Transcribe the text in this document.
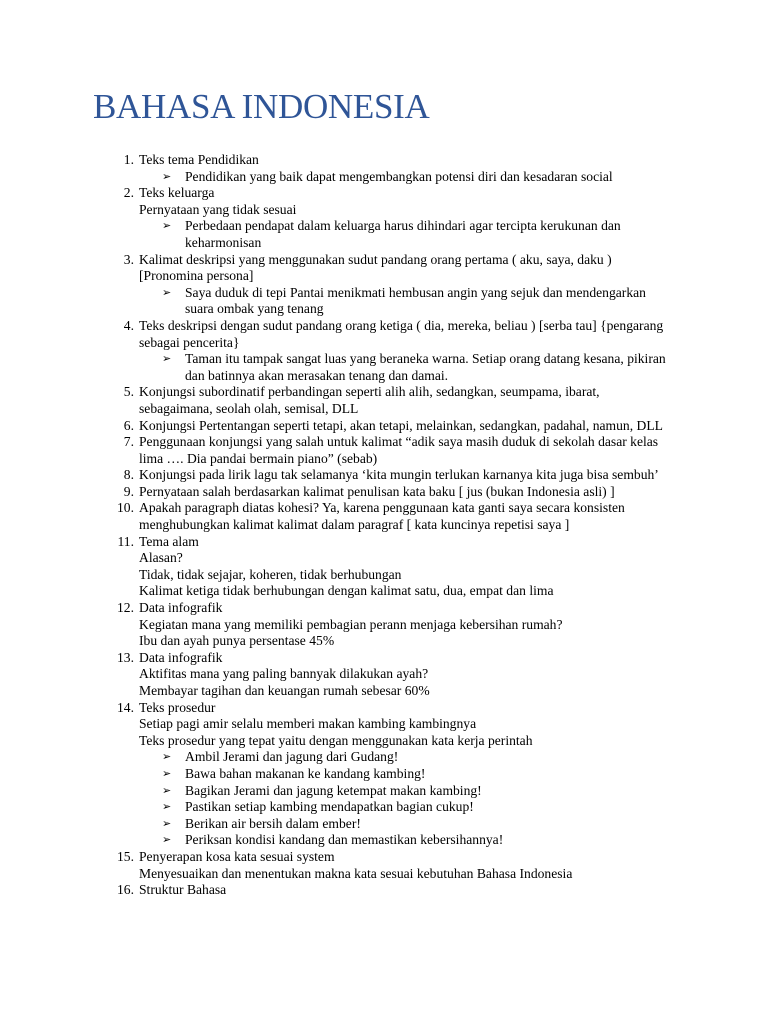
BAHASA INDONESIA
1. Teks tema Pendidikan
➢ Pendidikan yang baik dapat mengembangkan potensi diri dan kesadaran social
2. Teks keluarga
Pernyataan yang tidak sesuai
➢ Perbedaan pendapat dalam keluarga harus dihindari agar tercipta kerukunan dan keharmonisan
3. Kalimat deskripsi yang menggunakan sudut pandang orang pertama ( aku, saya, daku ) [Pronomina persona]
➢ Saya duduk di tepi Pantai menikmati hembusan angin yang sejuk dan mendengarkan suara ombak yang tenang
4. Teks deskripsi dengan sudut pandang orang ketiga ( dia, mereka, beliau ) [serba tau] {pengarang sebagai pencerita}
➢ Taman itu tampak sangat luas yang beraneka warna. Setiap orang datang kesana, pikiran dan batinnya akan merasakan tenang dan damai.
5. Konjungsi subordinatif perbandingan seperti alih alih, sedangkan, seumpama, ibarat, sebagaimana, seolah olah, semisal, DLL
6. Konjungsi Pertentangan seperti tetapi, akan tetapi, melainkan, sedangkan, padahal, namun, DLL
7. Penggunaan konjungsi yang salah untuk kalimat “adik saya masih duduk di sekolah dasar kelas lima …. Dia pandai bermain piano” (sebab)
8. Konjungsi pada lirik lagu tak selamanya ‘kita mungin terlukan karnanya kita juga bisa sembuh’
9. Pernyataan salah berdasarkan kalimat penulisan kata baku [ jus (bukan Indonesia asli) ]
10. Apakah paragraph diatas kohesi? Ya, karena penggunaan kata ganti saya secara konsisten menghubungkan kalimat kalimat dalam paragraf [ kata kuncinya repetisi saya ]
11. Tema alam
Alasan?
Tidak, tidak sejajar, koheren, tidak berhubungan
Kalimat ketiga tidak berhubungan dengan kalimat satu, dua, empat dan lima
12. Data infografik
Kegiatan mana yang memiliki pembagian perann menjaga kebersihan rumah?
Ibu dan ayah punya persentase 45%
13. Data infografik
Aktifitas mana yang paling bannyak dilakukan ayah?
Membayar tagihan dan keuangan rumah sebesar 60%
14. Teks prosedur
Setiap pagi amir selalu memberi makan kambing kambingnya
Teks prosedur yang tepat yaitu dengan menggunakan kata kerja perintah
➢ Ambil Jerami dan jagung dari Gudang!
➢ Bawa bahan makanan ke kandang kambing!
➢ Bagikan Jerami dan jagung ketempat makan kambing!
➢ Pastikan setiap kambing mendapatkan bagian cukup!
➢ Berikan air bersih dalam ember!
➢ Periksan kondisi kandang dan memastikan kebersihannya!
15. Penyerapan kosa kata sesuai system
Menyesuaikan dan menentukan makna kata sesuai kebutuhan Bahasa Indonesia
16. Struktur Bahasa
